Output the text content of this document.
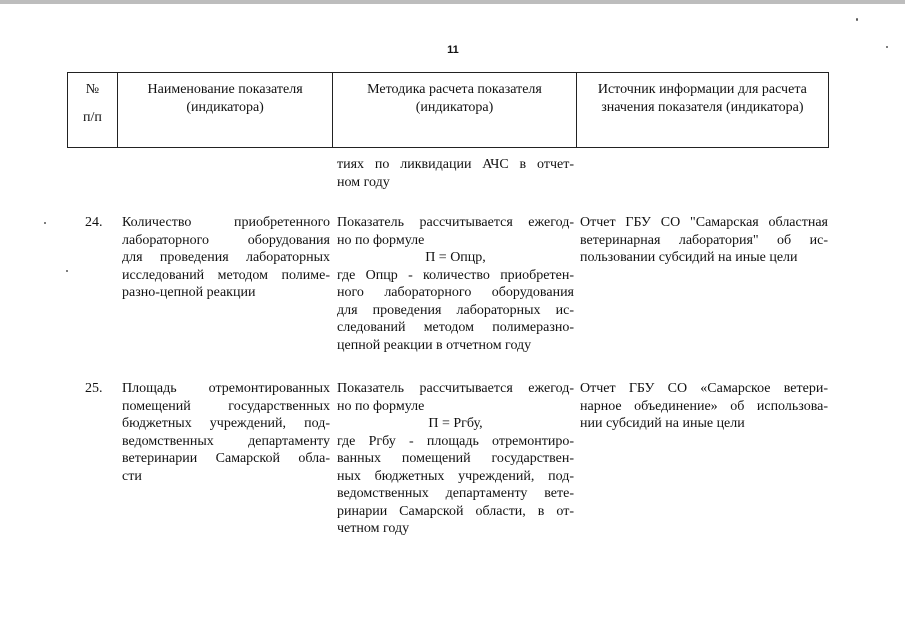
11
№
п/п
Наименование показателя
(индикатора)
Методика расчета показателя
(индикатора)
Источник информации для расчета
значения показателя (индикатора)
тиях по ликвидации АЧС в отчет-
ном году
24. Количество приобретенного
лабораторного оборудования
для проведения лабораторных
исследований методом полиме-
разно-цепной реакции
Показатель рассчитывается ежегод-
но по формуле
П = Опцр,
где Опцр - количество приобретен-
ного лабораторного оборудования
для проведения лабораторных ис-
следований методом полимеразно-
цепной реакции в отчетном году
Отчет ГБУ СО "Самарская областная
ветеринарная лаборатория" об ис-
пользовании субсидий на иные цели
25. Площадь отремонтированных
помещений государственных
бюджетных учреждений, под-
ведомственных департаменту
ветеринарии Самарской обла-
сти
Показатель рассчитывается ежегод-
но по формуле
П = Ргбу,
где Ргбу - площадь отремонтиро-
ванных помещений государствен-
ных бюджетных учреждений, под-
ведомственных департаменту вете-
ринарии Самарской области, в от-
четном году
Отчет ГБУ СО «Самарское ветери-
нарное объединение» об использова-
нии субсидий на иные цели
